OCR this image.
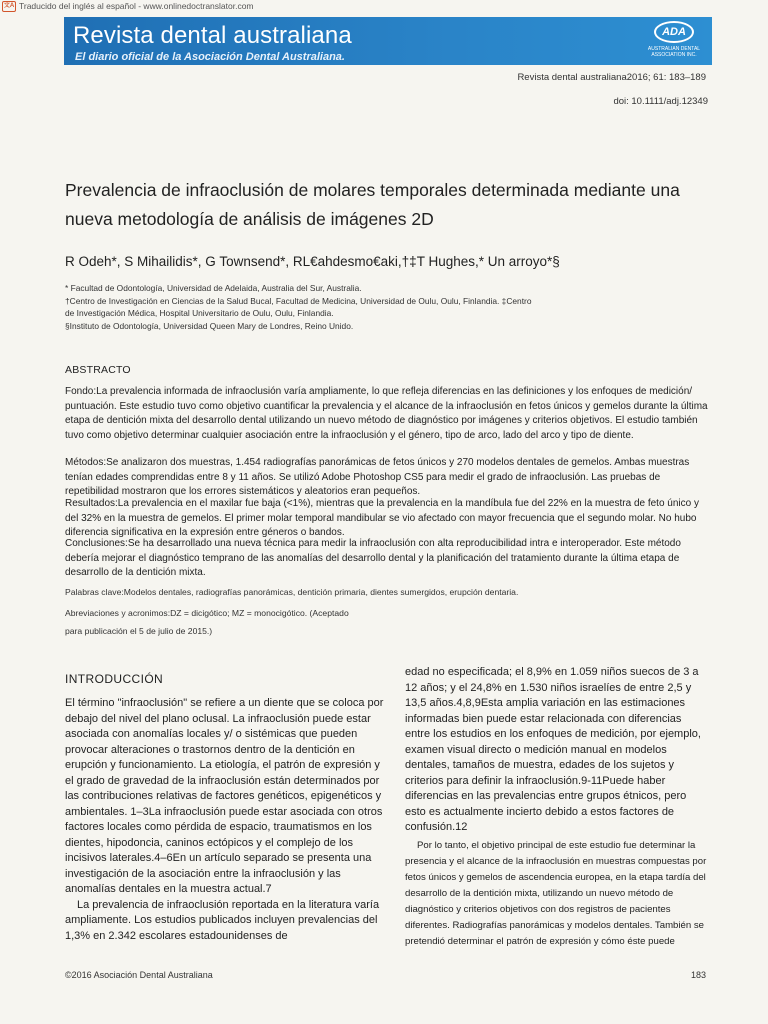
文A Traducido del inglés al español - www.onlinedoctranslator.com
Revista dental australiana
El diario oficial de la Asociación Dental Australiana.
ADA
AUSTRALIAN DENTAL ASSOCIATION INC.
Revista dental australiana2016; 61: 183–189
doi: 10.1111/adj.12349
Prevalencia de infraoclusión de molares temporales determinada mediante una nueva metodología de análisis de imágenes 2D
R Odeh*, S Mihailidis*, G Townsend*, RL€ahdesmo€aki,†‡T Hughes,* Un arroyo*§
* Facultad de Odontología, Universidad de Adelaida, Australia del Sur, Australia.
†Centro de Investigación en Ciencias de la Salud Bucal, Facultad de Medicina, Universidad de Oulu, Oulu, Finlandia. ‡Centro
de Investigación Médica, Hospital Universitario de Oulu, Oulu, Finlandia.
§Instituto de Odontología, Universidad Queen Mary de Londres, Reino Unido.
ABSTRACTO

Fondo:La prevalencia informada de infraoclusión varía ampliamente, lo que refleja diferencias en las definiciones y los enfoques de medición/ puntuación. Este estudio tuvo como objetivo cuantificar la prevalencia y el alcance de la infraoclusión en fetos únicos y gemelos durante la última etapa de dentición mixta del desarrollo dental utilizando un nuevo método de diagnóstico por imágenes y criterios objetivos. El estudio también tuvo como objetivo determinar cualquier asociación entre la infraoclusión y el género, tipo de arco, lado del arco y tipo de diente.

Métodos:Se analizaron dos muestras, 1.454 radiografías panorámicas de fetos únicos y 270 modelos dentales de gemelos. Ambas muestras tenían edades comprendidas entre 8 y 11 años. Se utilizó Adobe Photoshop CS5 para medir el grado de infraoclusión. Las pruebas de repetibilidad mostraron que los errores sistemáticos y aleatorios eran pequeños.

Resultados:La prevalencia en el maxilar fue baja (<1%), mientras que la prevalencia en la mandíbula fue del 22% en la muestra de feto único y del 32% en la muestra de gemelos. El primer molar temporal mandibular se vio afectado con mayor frecuencia que el segundo molar. No hubo diferencia significativa en la expresión entre géneros o bandos.

Conclusiones:Se ha desarrollado una nueva técnica para medir la infraoclusión con alta reproducibilidad intra e interoperador. Este método debería mejorar el diagnóstico temprano de las anomalías del desarrollo dental y la planificación del tratamiento durante la última etapa de desarrollo de la dentición mixta.

Palabras clave:Modelos dentales, radiografías panorámicas, dentición primaria, dientes sumergidos, erupción dentaria.
Abreviaciones y acronimos:DZ = dicigótico; MZ = monocigótico. (Aceptado
para publicación el 5 de julio de 2015.)
INTRODUCCIÓN

El término "infraoclusión" se refiere a un diente que se coloca por debajo del nivel del plano oclusal. La infraoclusión puede estar asociada con anomalías locales y/ o sistémicas que pueden provocar alteraciones o trastornos dentro de la dentición en erupción y funcionamiento. La etiología, el patrón de expresión y el grado de gravedad de la infraoclusión están determinados por las contribuciones relativas de factores genéticos, epigenéticos y ambientales. 1–3La infraoclusión puede estar asociada con otros factores locales como pérdida de espacio, traumatismos en los dientes, hipodoncia, caninos ectópicos y el complejo de los incisivos laterales.4–6En un artículo separado se presenta una investigación de la asociación entre la infraoclusión y las anomalías dentales en la muestra actual.7

La prevalencia de infraoclusión reportada en la literatura varía ampliamente. Los estudios publicados incluyen prevalencias del 1,3% en 2.342 escolares estadounidenses de

edad no especificada; el 8,9% en 1.059 niños suecos de 3 a 12 años; y el 24,8% en 1.530 niños israelíes de entre 2,5 y 13,5 años.4,8,9Esta amplia variación en las estimaciones informadas bien puede estar relacionada con diferencias entre los estudios en los enfoques de medición, por ejemplo, examen visual directo o medición manual en modelos dentales, tamaños de muestra, edades de los sujetos y criterios para definir la infraoclusión.9-11Puede haber diferencias en las prevalencias entre grupos étnicos, pero esto es actualmente incierto debido a estos factores de confusión.12

Por lo tanto, el objetivo principal de este estudio fue determinar la presencia y el alcance de la infraoclusión en muestras compuestas por fetos únicos y gemelos de ascendencia europea, en la etapa tardía del desarrollo de la dentición mixta, utilizando un nuevo método de diagnóstico y criterios objetivos con dos registros de pacientes diferentes. Radiografías panorámicas y modelos dentales. También se pretendió determinar el patrón de expresión y cómo éste puede

©2016 Asociación Dental Australiana	183
